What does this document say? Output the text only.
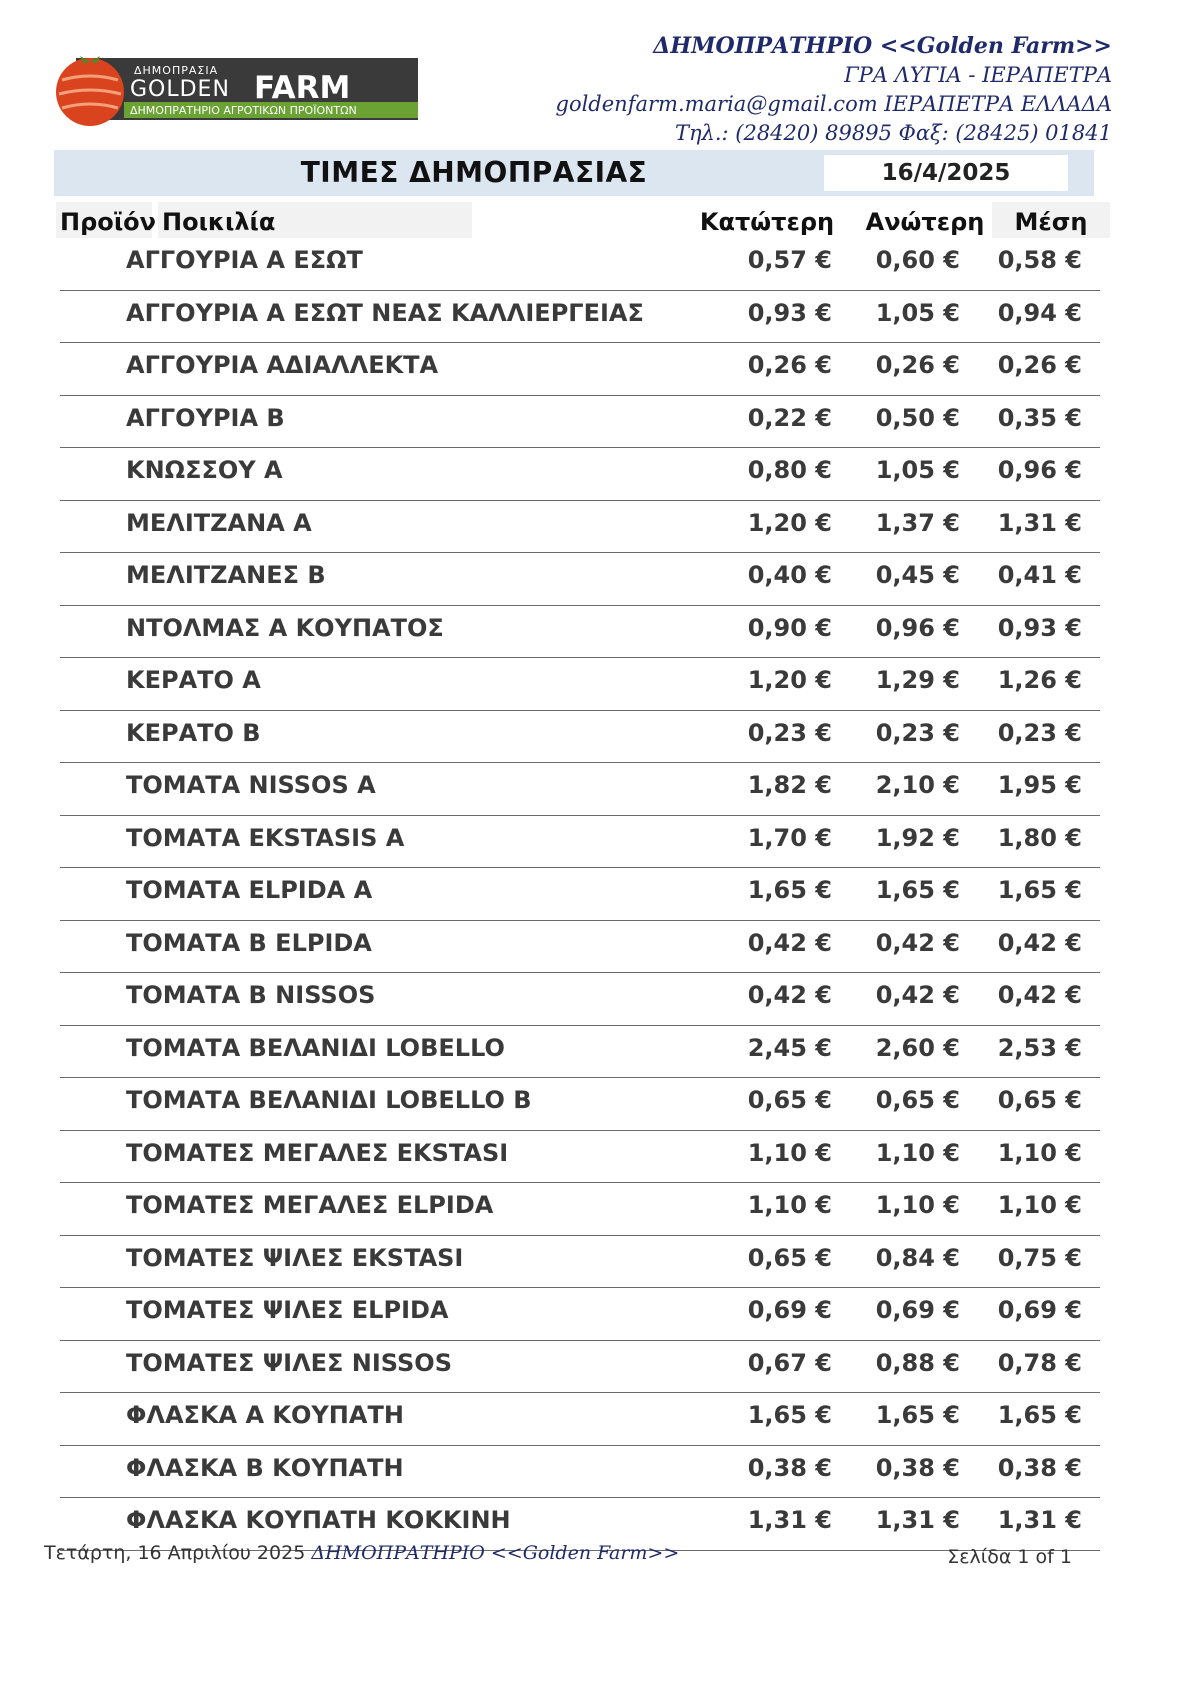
ΔΗΜΟΠΡΑΣΙΑ
GOLDEN FARM
ΔΗΜΟΠΡΑΤΗΡΙΟ ΑΓΡΟΤΙΚΩΝ ΠΡΟΪΟΝΤΩΝ
ΔΗΜΟΠΡΑΤΗΡΙΟ <<Golden Farm>>
ΓΡΑ ΛΥΓΙΑ - ΙΕΡΑΠΕΤΡΑ
goldenfarm.maria@gmail.com ΙΕΡΑΠΕΤΡΑ ΕΛΛΑΔΑ
Τηλ.: (28420) 89895 Φαξ: (28425) 01841
ΤΙΜΕΣ ΔΗΜΟΠΡΑΣΙΑΣ	16/4/2025
Προϊόν Ποικιλία	Κατώτερη	Ανώτερη	Μέση
ΑΓΓΟΥΡΙΑ Α ΕΣΩΤ	0,57 € 0,60 € 0,58 €
ΑΓΓΟΥΡΙΑ Α ΕΣΩΤ ΝΕΑΣ ΚΑΛΛΙΕΡΓΕΙΑΣ	0,93 € 1,05 € 0,94 €
ΑΓΓΟΥΡΙΑ ΑΔΙΑΛΛΕΚΤΑ	0,26 € 0,26 € 0,26 €
ΑΓΓΟΥΡΙΑ Β	0,22 € 0,50 € 0,35 €
ΚΝΩΣΣΟΥ Α	0,80 € 1,05 € 0,96 €
ΜΕΛΙΤΖΑΝΑ Α	1,20 € 1,37 € 1,31 €
ΜΕΛΙΤΖΑΝΕΣ Β	0,40 € 0,45 € 0,41 €
ΝΤΟΛΜΑΣ Α ΚΟΥΠΑΤΟΣ	0,90 € 0,96 € 0,93 €
ΚΕΡΑΤΟ Α	1,20 € 1,29 € 1,26 €
ΚΕΡΑΤΟ Β	0,23 € 0,23 € 0,23 €
ΤΟΜΑΤΑ NISSOS Α	1,82 € 2,10 € 1,95 €
ΤΟΜΑΤΑ EKSTASIS Α	1,70 € 1,92 € 1,80 €
ΤΟΜΑΤΑ ELPIDA Α	1,65 € 1,65 € 1,65 €
ΤΟΜΑΤΑ Β ELPIDA	0,42 € 0,42 € 0,42 €
ΤΟΜΑΤΑ Β NISSOS	0,42 € 0,42 € 0,42 €
ΤΟΜΑΤΑ ΒΕΛΑΝΙΔΙ LOBELLO	2,45 € 2,60 € 2,53 €
ΤΟΜΑΤΑ ΒΕΛΑΝΙΔΙ LOBELLO Β	0,65 € 0,65 € 0,65 €
ΤΟΜΑΤΕΣ ΜΕΓΑΛΕΣ EKSTASI	1,10 € 1,10 € 1,10 €
ΤΟΜΑΤΕΣ ΜΕΓΑΛΕΣ ELPIDA	1,10 € 1,10 € 1,10 €
ΤΟΜΑΤΕΣ ΨΙΛΕΣ EKSTASI	0,65 € 0,84 € 0,75 €
ΤΟΜΑΤΕΣ ΨΙΛΕΣ ELPIDA	0,69 € 0,69 € 0,69 €
ΤΟΜΑΤΕΣ ΨΙΛΕΣ NISSOS	0,67 € 0,88 € 0,78 €
ΦΛΑΣΚΑ Α ΚΟΥΠΑΤΗ	1,65 € 1,65 € 1,65 €
ΦΛΑΣΚΑ Β ΚΟΥΠΑΤΗ	0,38 € 0,38 € 0,38 €
ΦΛΑΣΚΑ ΚΟΥΠΑΤΗ ΚΟΚΚΙΝΗ	1,31 € 1,31 € 1,31 €
Τετάρτη, 16 Απριλίου 2025 ΔΗΜΟΠΡΑΤΗΡΙΟ <<Golden Farm>>	Σελίδα 1 of 1
